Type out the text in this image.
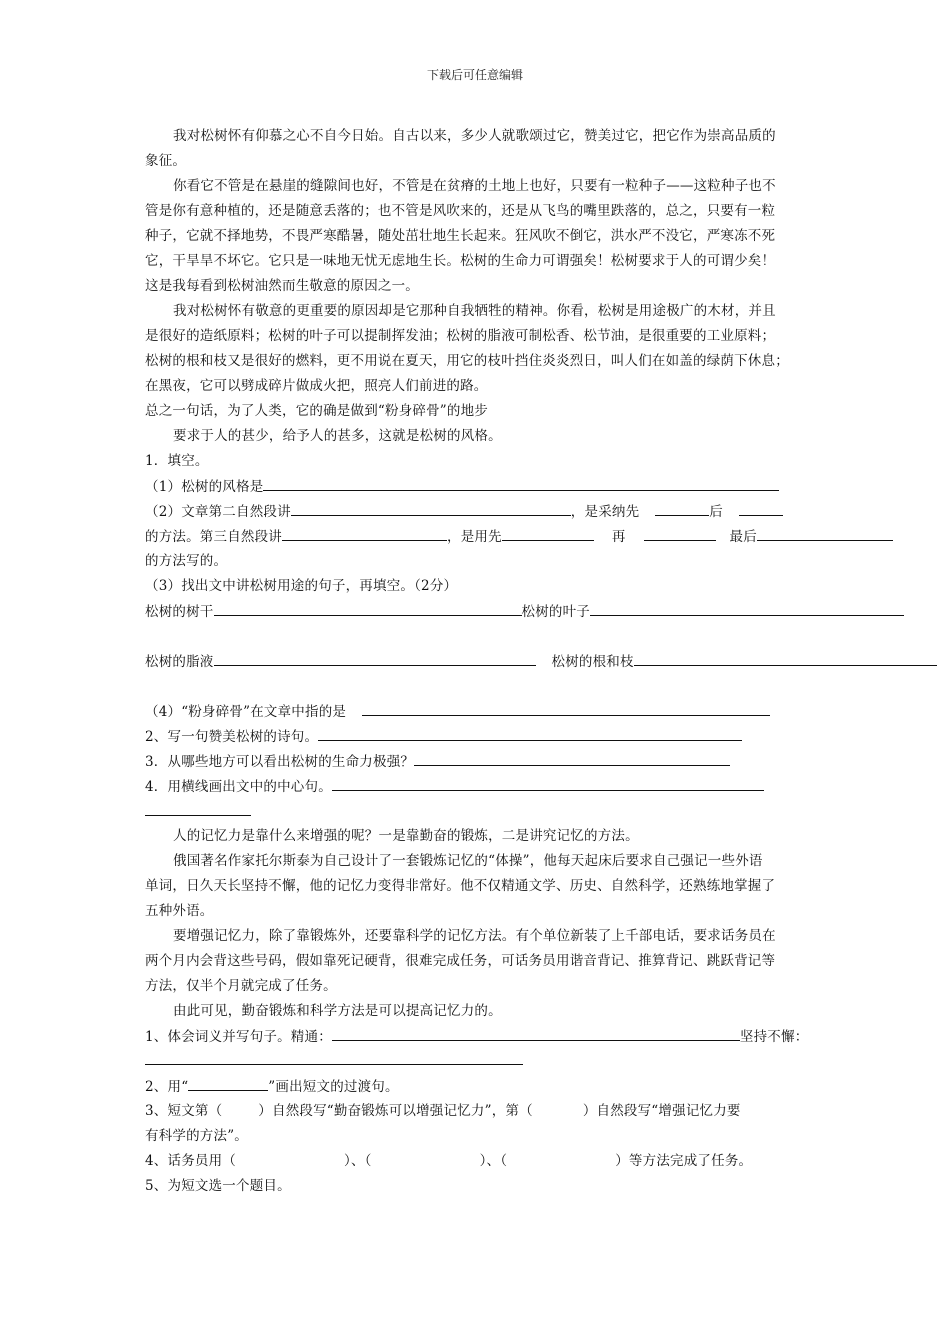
下载后可任意编辑
我对松树怀有仰慕之心不自今日始。自古以来，多少人就歌颂过它，赞美过它，把它作为崇高品质的
象征。
你看它不管是在悬崖的缝隙间也好，不管是在贫瘠的土地上也好，只要有一粒种子——这粒种子也不
管是你有意种植的，还是随意丢落的；也不管是风吹来的，还是从飞鸟的嘴里跌落的，总之，只要有一粒
种子，它就不择地势，不畏严寒酷暑，随处茁壮地生长起来。狂风吹不倒它，洪水严不没它，严寒冻不死
它，干旱旱不坏它。它只是一味地无忧无虑地生长。松树的生命力可谓强矣！松树要求于人的可谓少矣！
这是我每看到松树油然而生敬意的原因之一。
我对松树怀有敬意的更重要的原因却是它那种自我牺牲的精神。你看，松树是用途极广的木材，并且
是很好的造纸原料；松树的叶子可以提制挥发油；松树的脂液可制松香、松节油，是很重要的工业原料；
松树的根和枝又是很好的燃料，更不用说在夏天，用它的枝叶挡住炎炎烈日，叫人们在如盖的绿荫下休息；
在黑夜，它可以劈成碎片做成火把，照亮人们前进的路。
总之一句话，为了人类，它的确是做到“粉身碎骨”的地步
要求于人的甚少，给予人的甚多，这就是松树的风格。
1．填空。
（1）松树的风格是
（2）文章第二自然段讲	，是采纳先	后
的方法。第三自然段讲	，是用先	再	最后
的方法写的。
（3）找出文中讲松树用途的句子，再填空。（2分）
松树的树干	松树的叶子
松树的脂液	松树的根和枝
（4）“粉身碎骨”在文章中指的是
2、写一句赞美松树的诗句。
3．从哪些地方可以看出松树的生命力极强？
4．用横线画出文中的中心句。
人的记忆力是靠什么来增强的呢？一是靠勤奋的锻炼，二是讲究记忆的方法。
俄国著名作家托尔斯泰为自己设计了一套锻炼记忆的“体操”，他每天起床后要求自己强记一些外语
单词，日久天长坚持不懈，他的记忆力变得非常好。他不仅精通文学、历史、自然科学，还熟练地掌握了
五种外语。
要增强记忆力，除了靠锻炼外，还要靠科学的记忆方法。有个单位新装了上千部电话，要求话务员在
两个月内会背这些号码，假如靠死记硬背，很难完成任务，可话务员用谐音背记、推算背记、跳跃背记等
方法，仅半个月就完成了任务。
由此可见，勤奋锻炼和科学方法是可以提高记忆力的。
1、体会词义并写句子。精通：	坚持不懈：
2、用“	”画出短文的过渡句。
3、短文第（	）自然段写“勤奋锻炼可以增强记忆力”，第（	）自然段写“增强记忆力要
有科学的方法”。
4、话务员用（	）、（	）、（	）等方法完成了任务。
5、为短文选一个题目。
